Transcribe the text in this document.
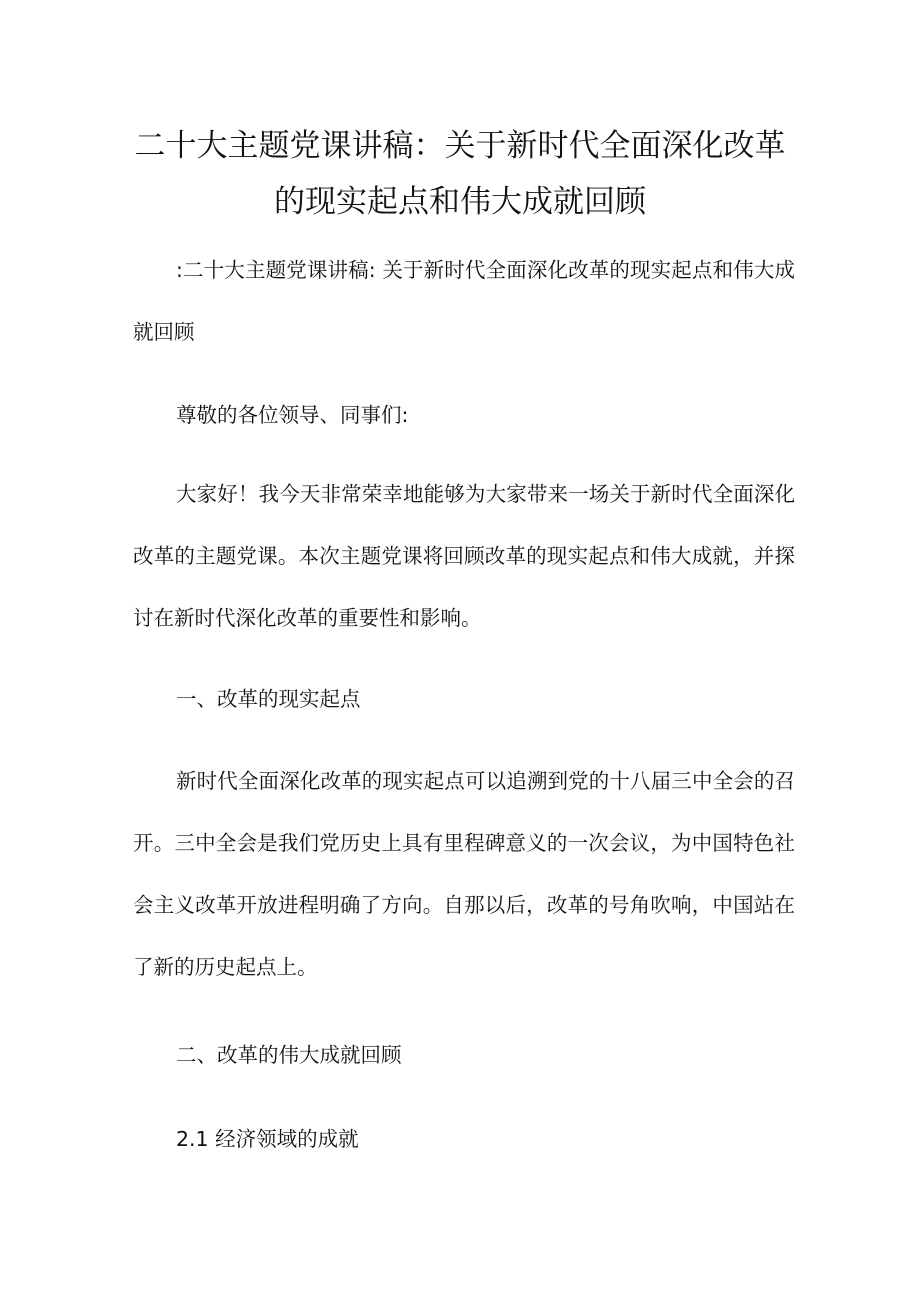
二十大主题党课讲稿：关于新时代全面深化改革的现实起点和伟大成就回顾

:二十大主题党课讲稿: 关于新时代全面深化改革的现实起点和伟大成就回顾

尊敬的各位领导、同事们:

大家好！我今天非常荣幸地能够为大家带来一场关于新时代全面深化改革的主题党课。本次主题党课将回顾改革的现实起点和伟大成就，并探讨在新时代深化改革的重要性和影响。

一、改革的现实起点

新时代全面深化改革的现实起点可以追溯到党的十八届三中全会的召开。三中全会是我们党历史上具有里程碑意义的一次会议，为中国特色社会主义改革开放进程明确了方向。自那以后，改革的号角吹响，中国站在了新的历史起点上。

二、改革的伟大成就回顾

2.1 经济领域的成就
